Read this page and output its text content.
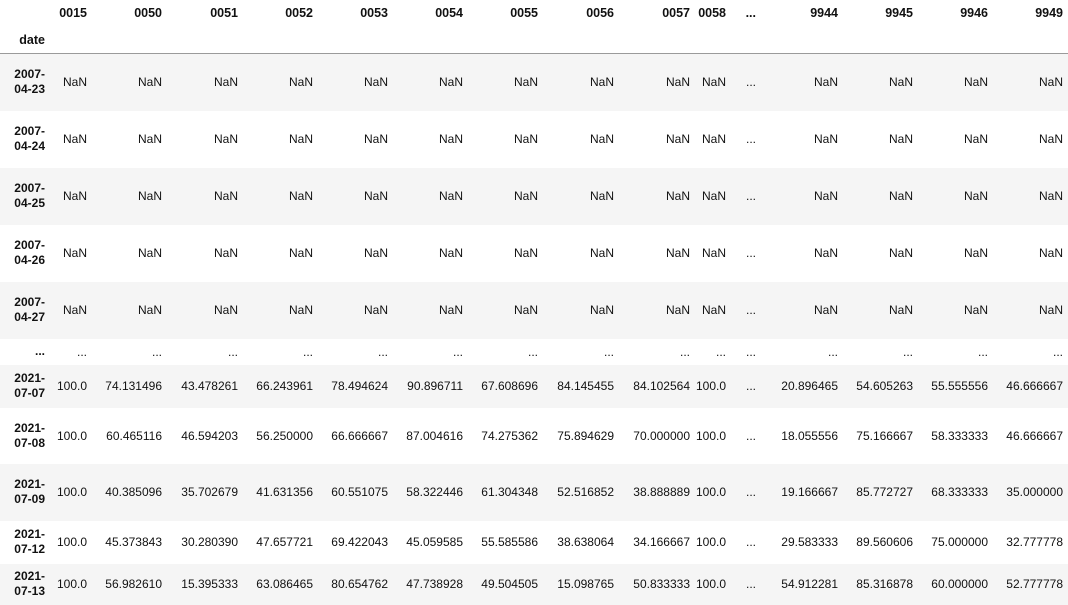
	0015	0050	0051	0052	0053	0054	0055	0056	0057	0058	...	9944	9945	9946	9949
date															
2007-04-23	NaN	NaN	NaN	NaN	NaN	NaN	NaN	NaN	NaN	NaN	...	NaN	NaN	NaN	NaN
2007-04-24	NaN	NaN	NaN	NaN	NaN	NaN	NaN	NaN	NaN	NaN	...	NaN	NaN	NaN	NaN
2007-04-25	NaN	NaN	NaN	NaN	NaN	NaN	NaN	NaN	NaN	NaN	...	NaN	NaN	NaN	NaN
2007-04-26	NaN	NaN	NaN	NaN	NaN	NaN	NaN	NaN	NaN	NaN	...	NaN	NaN	NaN	NaN
2007-04-27	NaN	NaN	NaN	NaN	NaN	NaN	NaN	NaN	NaN	NaN	...	NaN	NaN	NaN	NaN
...	...	...	...	...	...	...	...	...	...	...	...	...	...	...	...
2021-07-07	100.0	74.131496	43.478261	66.243961	78.494624	90.896711	67.608696	84.145455	84.102564	100.0	...	20.896465	54.605263	55.555556	46.666667
2021-07-08	100.0	60.465116	46.594203	56.250000	66.666667	87.004616	74.275362	75.894629	70.000000	100.0	...	18.055556	75.166667	58.333333	46.666667
2021-07-09	100.0	40.385096	35.702679	41.631356	60.551075	58.322446	61.304348	52.516852	38.888889	100.0	...	19.166667	85.772727	68.333333	35.000000
2021-07-12	100.0	45.373843	30.280390	47.657721	69.422043	45.059585	55.585586	38.638064	34.166667	100.0	...	29.583333	89.560606	75.000000	32.777778
2021-07-13	100.0	56.982610	15.395333	63.086465	80.654762	47.738928	49.504505	15.098765	50.833333	100.0	...	54.912281	85.316878	60.000000	52.777778
